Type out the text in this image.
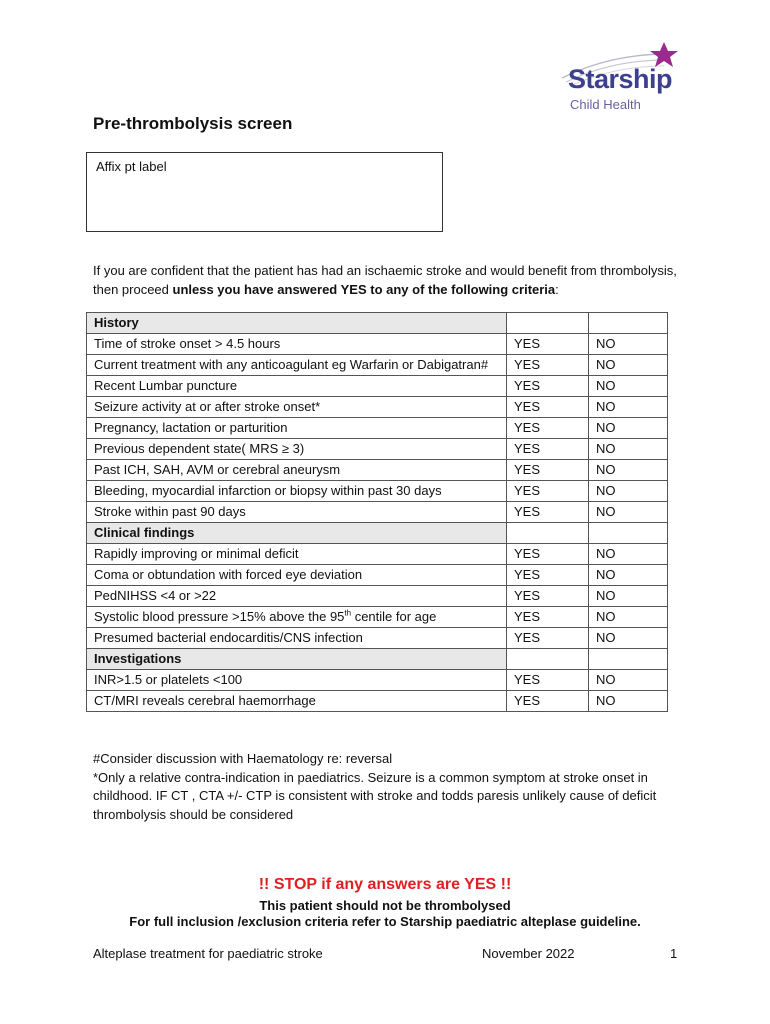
Starship
Child Health
Pre-thrombolysis screen
Affix pt label
If you are confident that the patient has had an ischaemic stroke and would benefit from thrombolysis, then proceed unless you have answered YES to any of the following criteria:
History		
Time of stroke onset > 4.5 hours	YES	NO
Current treatment with any anticoagulant eg Warfarin or Dabigatran#	YES	NO
Recent Lumbar puncture	YES	NO
Seizure activity at or after stroke onset*	YES	NO
Pregnancy, lactation or parturition	YES	NO
Previous dependent state( MRS ≥ 3)	YES	NO
Past ICH, SAH, AVM or cerebral aneurysm	YES	NO
Bleeding, myocardial infarction or biopsy within past 30 days	YES	NO
Stroke within past 90 days	YES	NO
Clinical findings		
Rapidly improving or minimal deficit	YES	NO
Coma or obtundation with forced eye deviation	YES	NO
PedNIHSS <4 or >22	YES	NO
Systolic blood pressure >15% above the 95th centile for age	YES	NO
Presumed bacterial endocarditis/CNS infection	YES	NO
Investigations		
INR>1.5 or platelets <100	YES	NO
CT/MRI reveals cerebral haemorrhage	YES	NO
#Consider discussion with Haematology re: reversal
*Only a relative contra-indication in paediatrics. Seizure is a common symptom at stroke onset in childhood. IF CT , CTA +/- CTP is consistent with stroke and todds paresis unlikely cause of deficit thrombolysis should be considered
!! STOP if any answers are YES !!
This patient should not be thrombolysed
For full inclusion /exclusion criteria refer to Starship paediatric alteplase guideline.
Alteplase treatment for paediatric stroke	November 2022	1
